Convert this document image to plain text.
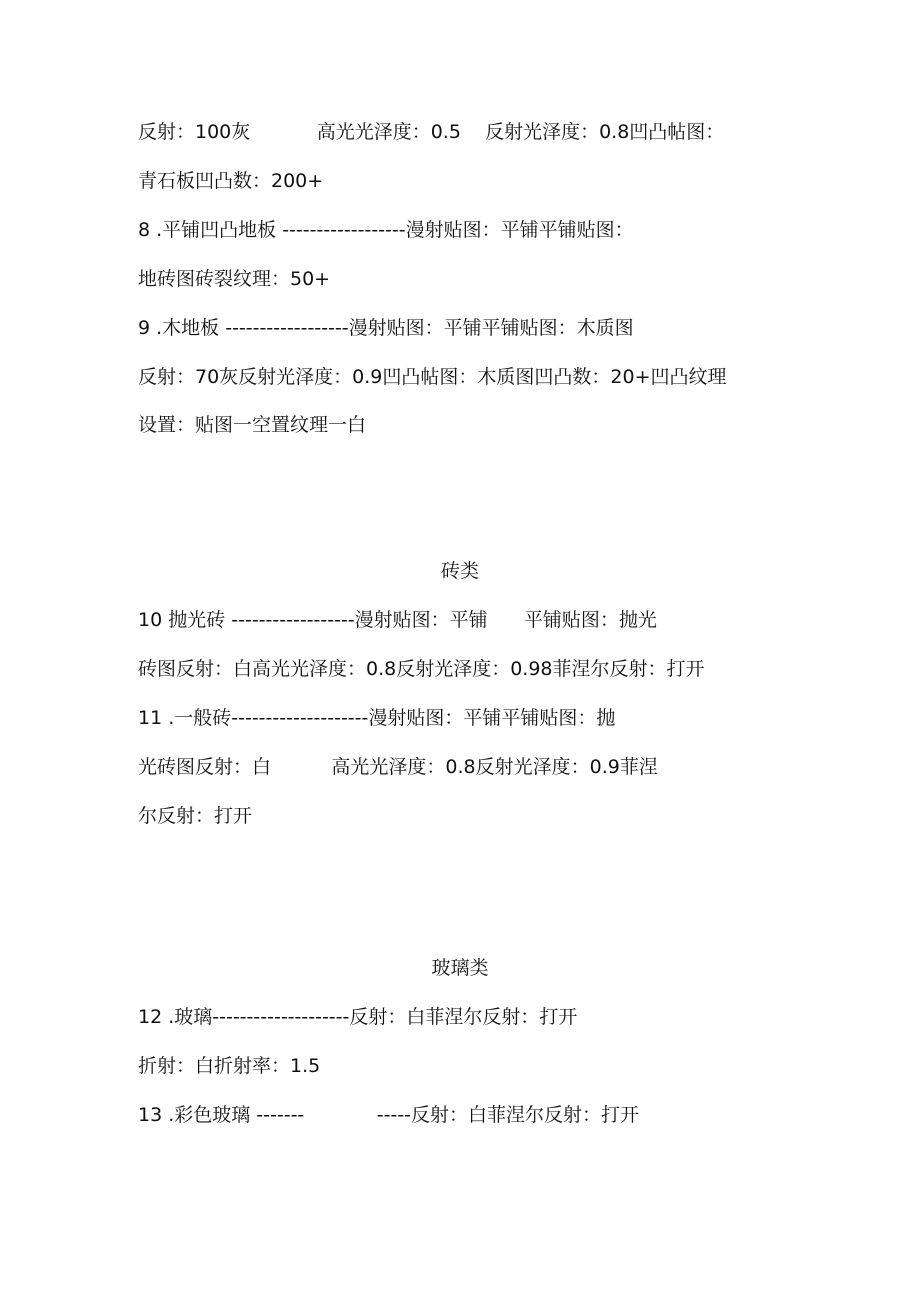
反射：100灰           高光光泽度：0.5    反射光泽度：0.8凹凸帖图：

青石板凹凸数：200+

8 .平铺凹凸地板 ------------------漫射贴图：平铺平铺贴图：

地砖图砖裂纹理：50+

9 .木地板 ------------------漫射贴图：平铺平铺贴图：木质图

反射：70灰反射光泽度：0.9凹凸帖图：木质图凹凸数：20+凹凸纹理

设置：贴图一空置纹理一白

砖类

10 抛光砖 ------------------漫射贴图：平铺      平铺贴图：抛光

砖图反射：白高光光泽度：0.8反射光泽度：0.98菲涅尔反射：打开

11 .一般砖--------------------漫射贴图：平铺平铺贴图：抛

光砖图反射：白          高光光泽度：0.8反射光泽度：0.9菲涅

尔反射：打开

玻璃类

12 .玻璃--------------------反射：白菲涅尔反射：打开

折射：白折射率：1.5

13 .彩色玻璃 -------            -----反射：白菲涅尔反射：打开
